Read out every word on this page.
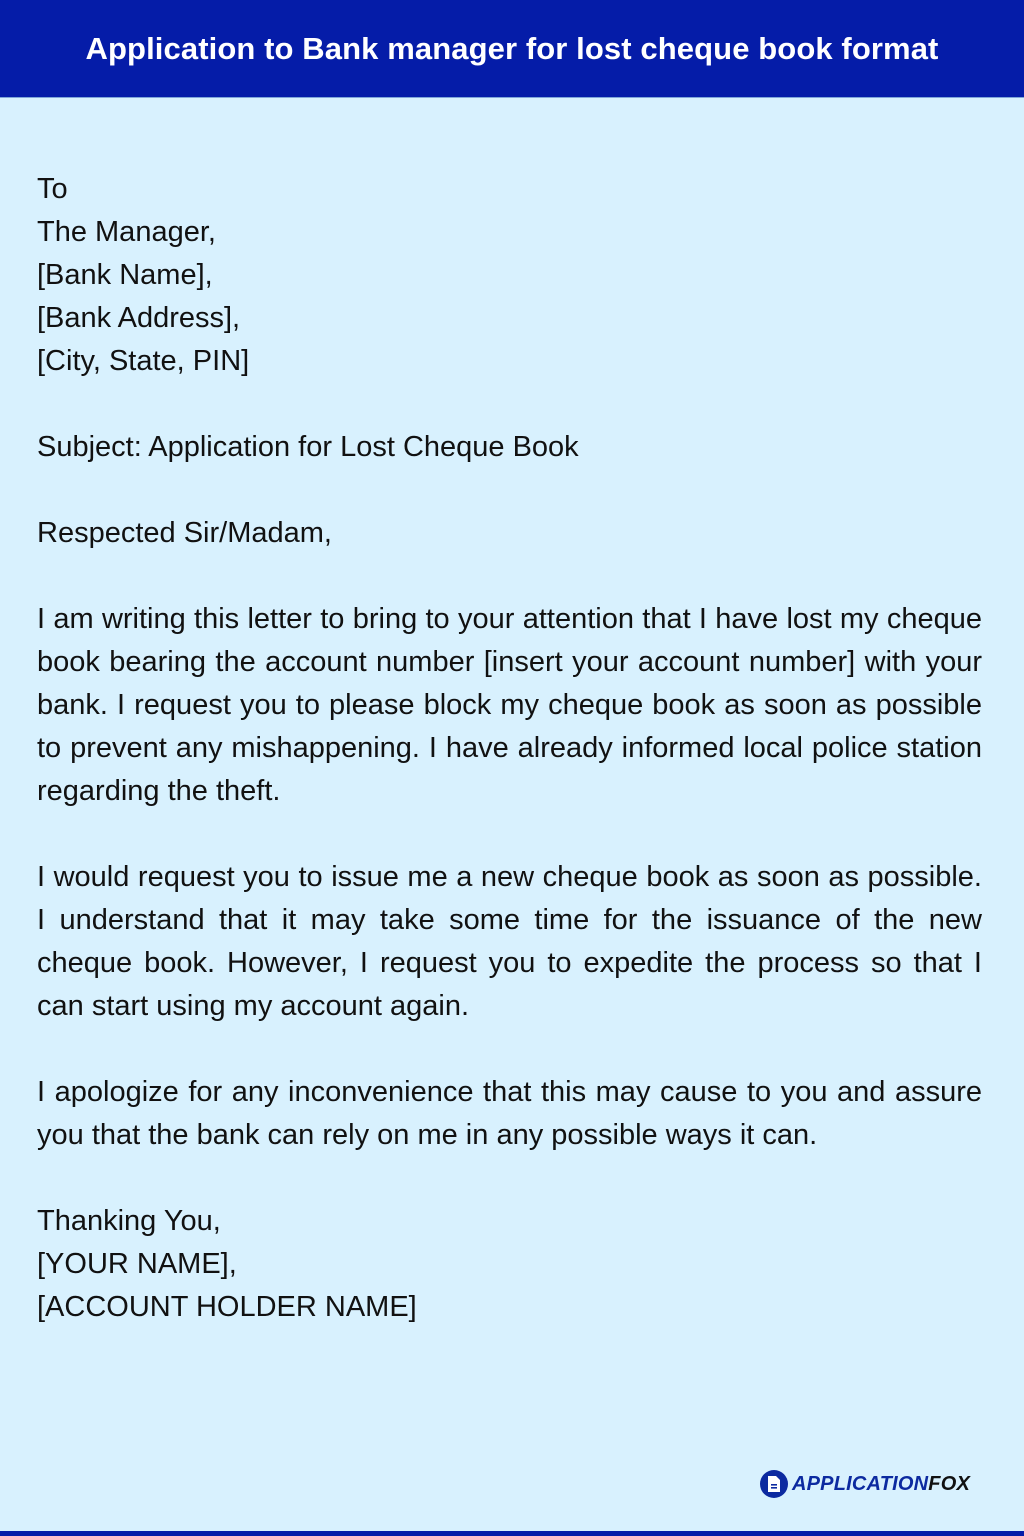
Application to Bank manager for lost cheque book format
To
The Manager,
[Bank Name],
[Bank Address],
[City, State, PIN]
Subject: Application for Lost Cheque Book
Respected Sir/Madam,

I am writing this letter to bring to your attention that I have lost my cheque book bearing the account number [insert your account number] with your bank. I request you to please block my cheque book as soon as possible to prevent any mishappening. I have already informed local police station regarding the theft.

I would request you to issue me a new cheque book as soon as possible. I understand that it may take some time for the issuance of the new cheque book. However, I request you to expedite the process so that I can start using my account again.

I apologize for any inconvenience that this may cause to you and assure you that the bank can rely on me in any possible ways it can.

Thanking You,
[YOUR NAME],
[ACCOUNT HOLDER NAME]
APPLICATIONFOX
